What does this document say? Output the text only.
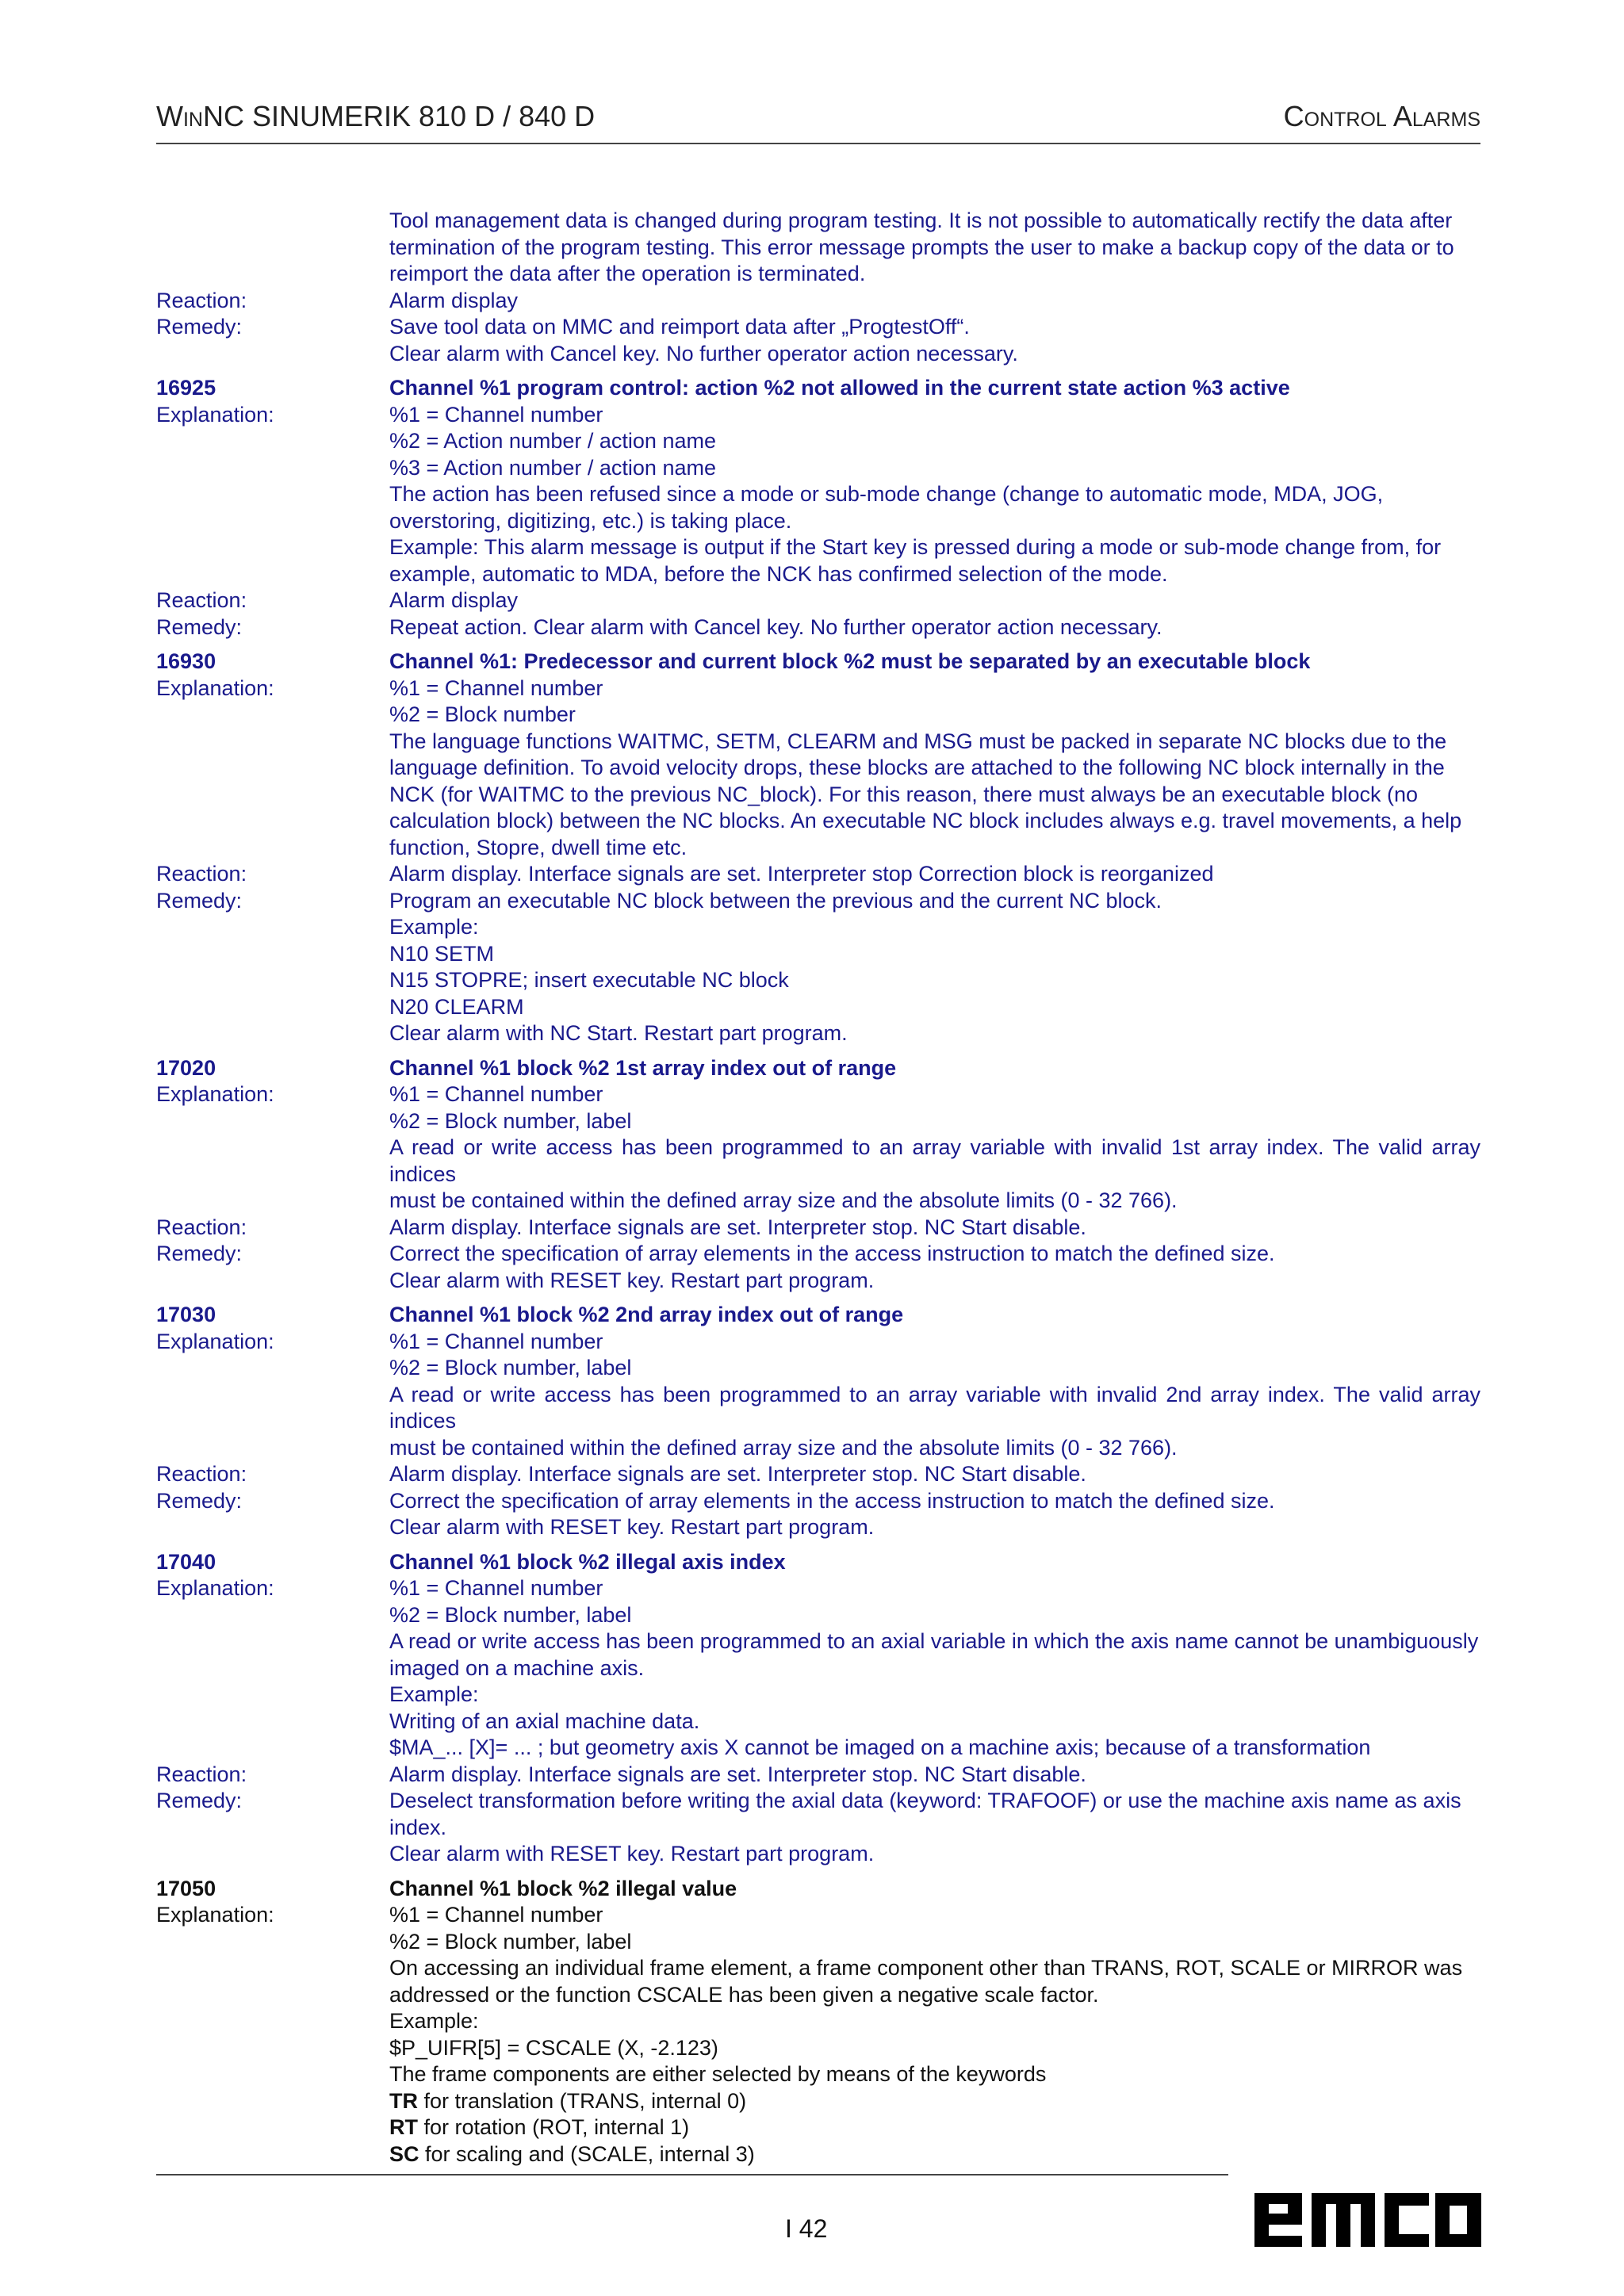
WinNC SINUMERIK 810 D / 840 D	Control Alarms
Tool management data is changed during program testing. It is not possible to automatically rectify the data after
termination of the program testing. This error message prompts the user to make a backup copy of the data or to
reimport the data after the operation is terminated.
Reaction:	Alarm display
Remedy:	Save tool data on MMC and reimport data after „ProgtestOff“.
Clear alarm with Cancel key. No further operator action necessary.
16925	Channel %1 program control: action %2 not allowed in the current state action %3 active
Explanation:	%1 = Channel number
%2 = Action number / action name
%3 = Action number / action name
The action has been refused since a mode or sub-mode change (change to automatic mode, MDA, JOG,
overstoring, digitizing, etc.) is taking place.
Example: This alarm message is output if the Start key is pressed during a mode or sub-mode change from, for
example, automatic to MDA, before the NCK has confirmed selection of the mode.
Reaction:	Alarm display
Remedy:	Repeat action. Clear alarm with Cancel key. No further operator action necessary.
16930	Channel %1: Predecessor and current block %2 must be separated by an executable block
Explanation:	%1 = Channel number
%2 = Block number
The language functions WAITMC, SETM, CLEARM and MSG must be packed in separate NC blocks due to the
language definition. To avoid velocity drops, these blocks are attached to the following NC block internally in the
NCK (for WAITMC to the previous NC_block). For this reason, there must always be an executable block (no
calculation block) between the NC blocks. An executable NC block includes always e.g. travel movements, a help
function, Stopre, dwell time etc.
Reaction:	Alarm display. Interface signals are set. Interpreter stop Correction block is reorganized
Remedy:	Program an executable NC block between the previous and the current NC block.
Example:
N10 SETM
N15 STOPRE; insert executable NC block
N20 CLEARM
Clear alarm with NC Start. Restart part program.
17020	Channel %1 block %2 1st array index out of range
Explanation:	%1 = Channel number
%2 = Block number, label
A read or write access has been programmed to an array variable with invalid 1st array index. The valid array indices
must be contained within the defined array size and the absolute limits (0 - 32 766).
Reaction:	Alarm display. Interface signals are set. Interpreter stop. NC Start disable.
Remedy:	Correct the specification of array elements in the access instruction to match the defined size.
Clear alarm with RESET key. Restart part program.
17030	Channel %1 block %2 2nd array index out of range
Explanation:	%1 = Channel number
%2 = Block number, label
A read or write access has been programmed to an array variable with invalid 2nd array index. The valid array indices
must be contained within the defined array size and the absolute limits (0 - 32 766).
Reaction:	Alarm display. Interface signals are set. Interpreter stop. NC Start disable.
Remedy:	Correct the specification of array elements in the access instruction to match the defined size.
Clear alarm with RESET key. Restart part program.
17040	Channel %1 block %2 illegal axis index
Explanation:	%1 = Channel number
%2 = Block number, label
A read or write access has been programmed to an axial variable in which the axis name cannot be unambiguously
imaged on a machine axis.
Example:
Writing of an axial machine data.
$MA_... [X]= ... ; but geometry axis X cannot be imaged on a machine axis; because of a transformation
Reaction:	Alarm display. Interface signals are set. Interpreter stop. NC Start disable.
Remedy:	Deselect transformation before writing the axial data (keyword: TRAFOOF) or use the machine axis name as axis
index.
Clear alarm with RESET key. Restart part program.
17050	Channel %1 block %2 illegal value
Explanation:	%1 = Channel number
%2 = Block number, label
On accessing an individual frame element, a frame component other than TRANS, ROT, SCALE or MIRROR was
addressed or the function CSCALE has been given a negative scale factor.
Example:
$P_UIFR[5] = CSCALE (X, -2.123)
The frame components are either selected by means of the keywords
TR for translation (TRANS, internal 0)
RT for rotation (ROT, internal 1)
SC for scaling and (SCALE, internal 3)
I 42
